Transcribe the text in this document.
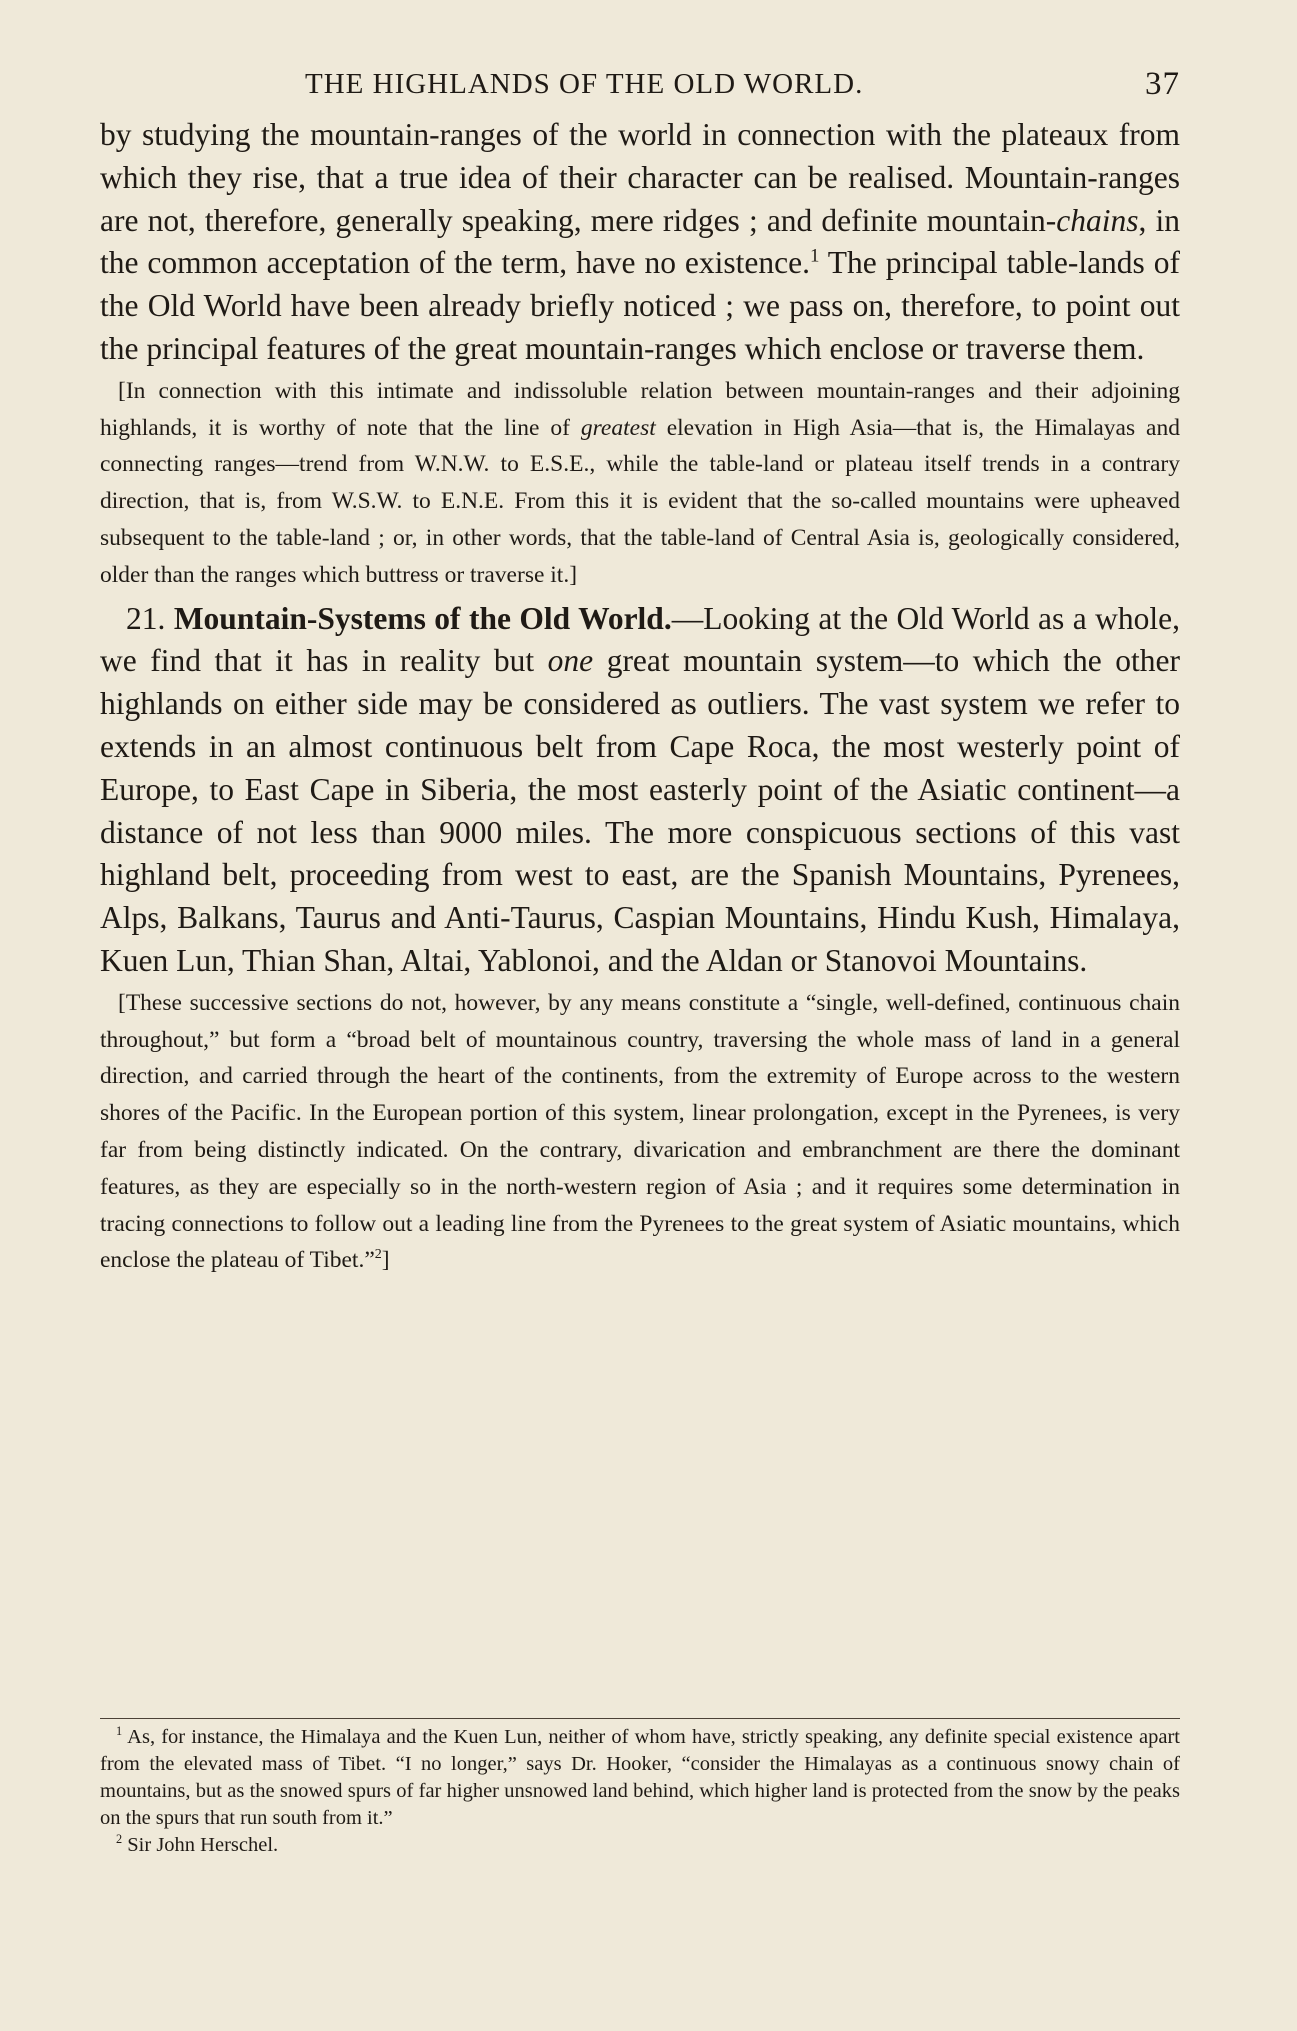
THE HIGHLANDS OF THE OLD WORLD.	37

by studying the mountain-ranges of the world in connection with the plateaux from which they rise, that a true idea of their character can be realised. Mountain-ranges are not, therefore, generally speaking, mere ridges ; and definite mountain-chains, in the common acceptation of the term, have no existence.$^1$ The principal table-lands of the Old World have been already briefly noticed ; we pass on, therefore, to point out the principal features of the great mountain-ranges which enclose or traverse them.

[In connection with this intimate and indissoluble relation between mountain-ranges and their adjoining highlands, it is worthy of note that the line of greatest elevation in High Asia—that is, the Himalayas and connecting ranges—trend from W.N.W. to E.S.E., while the table-land or plateau itself trends in a contrary direction, that is, from W.S.W. to E.N.E. From this it is evident that the so-called mountains were upheaved subsequent to the table-land ; or, in other words, that the table-land of Central Asia is, geologically considered, older than the ranges which buttress or traverse it.]

21. Mountain-Systems of the Old World.—Looking at the Old World as a whole, we find that it has in reality but one great mountain system—to which the other highlands on either side may be considered as outliers. The vast system we refer to extends in an almost continuous belt from Cape Roca, the most westerly point of Europe, to East Cape in Siberia, the most easterly point of the Asiatic continent—a distance of not less than 9000 miles. The more conspicuous sections of this vast highland belt, proceeding from west to east, are the Spanish Mountains, Pyrenees, Alps, Balkans, Taurus and Anti-Taurus, Caspian Mountains, Hindu Kush, Himalaya, Kuen Lun, Thian Shan, Altai, Yablonoi, and the Aldan or Stanovoi Mountains.

[These successive sections do not, however, by any means constitute a “single, well-defined, continuous chain throughout,” but form a “broad belt of mountainous country, traversing the whole mass of land in a general direction, and carried through the heart of the continents, from the extremity of Europe across to the western shores of the Pacific. In the European portion of this system, linear prolongation, except in the Pyrenees, is very far from being distinctly indicated. On the contrary, divarication and embranchment are there the dominant features, as they are especially so in the north-western region of Asia ; and it requires some determination in tracing connections to follow out a leading line from the Pyrenees to the great system of Asiatic mountains, which enclose the plateau of Tibet.”$^2$]

$^1$ As, for instance, the Himalaya and the Kuen Lun, neither of whom have, strictly speaking, any definite special existence apart from the elevated mass of Tibet. “I no longer,” says Dr. Hooker, “consider the Himalayas as a continuous snowy chain of mountains, but as the snowed spurs of far higher unsnowed land behind, which higher land is protected from the snow by the peaks on the spurs that run south from it.”

$^2$ Sir John Herschel.
